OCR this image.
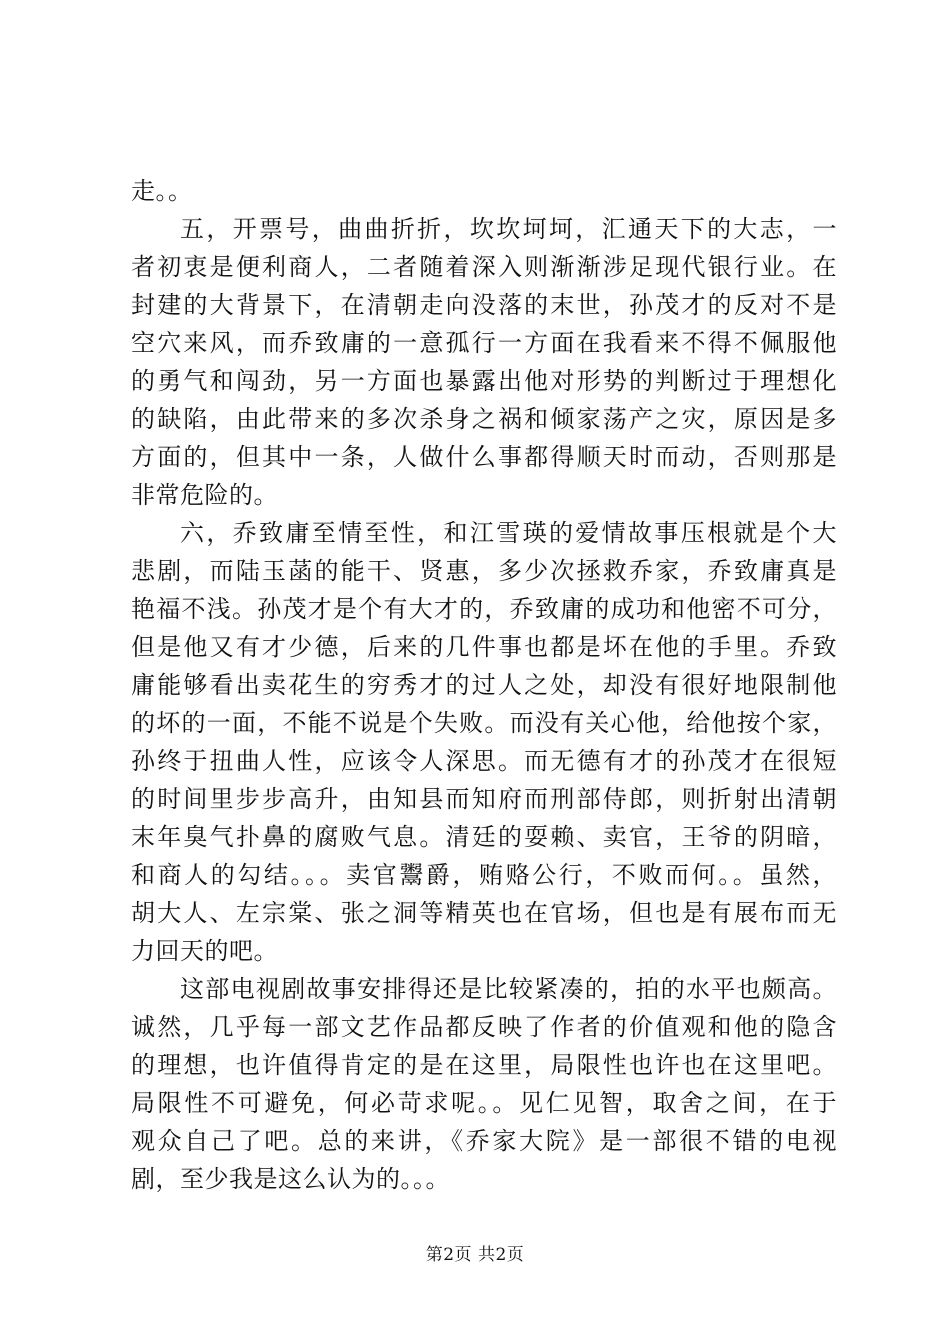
走。。
五，开票号，曲曲折折，坎坎坷坷，汇通天下的大志，一
者初衷是便利商人，二者随着深入则渐渐涉足现代银行业。在
封建的大背景下，在清朝走向没落的末世，孙茂才的反对不是
空穴来风，而乔致庸的一意孤行一方面在我看来不得不佩服他
的勇气和闯劲，另一方面也暴露出他对形势的判断过于理想化
的缺陷，由此带来的多次杀身之祸和倾家荡产之灾，原因是多
方面的，但其中一条，人做什么事都得顺天时而动，否则那是
非常危险的。
六，乔致庸至情至性，和江雪瑛的爱情故事压根就是个大
悲剧，而陆玉菡的能干、贤惠，多少次拯救乔家，乔致庸真是
艳福不浅。孙茂才是个有大才的，乔致庸的成功和他密不可分，
但是他又有才少德，后来的几件事也都是坏在他的手里。乔致
庸能够看出卖花生的穷秀才的过人之处，却没有很好地限制他
的坏的一面，不能不说是个失败。而没有关心他，给他按个家，
孙终于扭曲人性，应该令人深思。而无德有才的孙茂才在很短
的时间里步步高升，由知县而知府而刑部侍郎，则折射出清朝
末年臭气扑鼻的腐败气息。清廷的耍赖、卖官，王爷的阴暗，
和商人的勾结。。。卖官鬻爵，贿赂公行，不败而何。。虽然，
胡大人、左宗棠、张之洞等精英也在官场，但也是有展布而无
力回天的吧。
这部电视剧故事安排得还是比较紧凑的，拍的水平也颇高。
诚然，几乎每一部文艺作品都反映了作者的价值观和他的隐含
的理想，也许值得肯定的是在这里，局限性也许也在这里吧。
局限性不可避免，何必苛求呢。。见仁见智，取舍之间，在于
观众自己了吧。总的来讲，《乔家大院》是一部很不错的电视
剧，至少我是这么认为的。。。
第2页 共2页
